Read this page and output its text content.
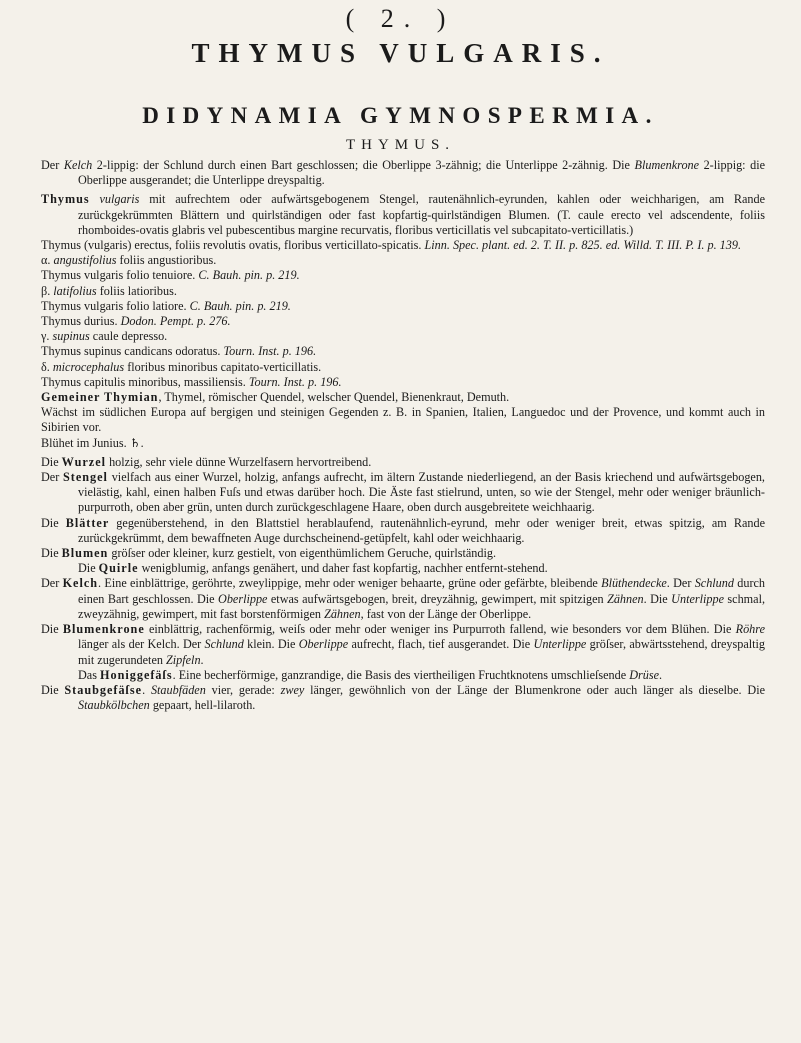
( 2. )
THYMUS VULGARIS.
DIDYNAMIA GYMNOSPERMIA.
THYMUS.

Der Kelch 2-lippig: der Schlund durch einen Bart geschlossen; die Oberlippe 3-zähnig; die Unterlippe 2-zähnig. Die Blumenkrone 2-lippig: die Oberlippe ausgerandet; die Unterlippe dreyspaltig.

Thymus vulgaris mit aufrechtem oder aufwärtsgebogenem Stengel, rautenähnlich-eyrunden, kahlen oder weichharigen, am Rande zurückgekrümmten Blättern und quirlständigen oder fast kopfartig-quirlständigen Blumen. (T. caule erecto vel adscendente, foliis rhomboides-ovatis glabris vel pubescentibus margine recurvatis, floribus verticillatis vel subcapitato-verticillatis.)

Thymus (vulgaris) erectus, foliis revolutis ovatis, floribus verticillato-spicatis. Linn. Spec. plant. ed. 2. T. II. p. 825. ed. Willd. T. III. P. I. p. 139.

α. angustifolius foliis angustioribus.

Thymus vulgaris folio tenuiore. C. Bauh. pin. p. 219.

β. latifolius foliis latioribus.

Thymus vulgaris folio latiore. C. Bauh. pin. p. 219.

Thymus durius. Dodon. Pempt. p. 276.

γ. supinus caule depresso.

Thymus supinus candicans odoratus. Tourn. Inst. p. 196.

δ. microcephalus floribus minoribus capitato-verticillatis.

Thymus capitulis minoribus, massiliensis. Tourn. Inst. p. 196.

Gemeiner Thymian, Thymel, römischer Quendel, welscher Quendel, Bienenkraut, Demuth.

Wächst im südlichen Europa auf bergigen und steinigen Gegenden z. B. in Spanien, Italien, Languedoc und der Provence, und kommt auch in Sibirien vor.

Blühet im Junius. ♄.

Die Wurzel holzig, sehr viele dünne Wurzelfasern hervortreibend.

Der Stengel vielfach aus einer Wurzel, holzig, anfangs aufrecht, im ältern Zustande niederliegend, an der Basis kriechend und aufwärtsgebogen, vielästig, kahl, einen halben Fuſs und etwas darüber hoch. Die Äste fast stielrund, unten, so wie der Stengel, mehr oder weniger bräunlich-purpurroth, oben aber grün, unten durch zurückgeschlagene Haare, oben durch ausgebreitete weichhaarig.

Die Blätter gegenüberstehend, in den Blattstiel herablaufend, rautenähnlich-eyrund, mehr oder weniger breit, etwas spitzig, am Rande zurückgekrümmt, dem bewaffneten Auge durchscheinend-getüpfelt, kahl oder weichhaarig.

Die Blumen gröſser oder kleiner, kurz gestielt, von eigenthümlichem Geruche, quirlständig.

Die Quirle wenigblumig, anfangs genähert, und daher fast kopfartig, nachher entfernt-stehend.

Der Kelch. Eine einblättrige, geröhrte, zweylippige, mehr oder weniger behaarte, grüne oder gefärbte, bleibende Blüthendecke. Der Schlund durch einen Bart geschlossen. Die Oberlippe etwas aufwärtsgebogen, breit, dreyzähnig, gewimpert, mit spitzigen Zähnen. Die Unterlippe schmal, zweyzähnig, gewimpert, mit fast borstenförmigen Zähnen, fast von der Länge der Oberlippe.

Die Blumenkrone einblättrig, rachenförmig, weiſs oder mehr oder weniger ins Purpurroth fallend, wie besonders vor dem Blühen. Die Röhre länger als der Kelch. Der Schlund klein. Die Oberlippe aufrecht, flach, tief ausgerandet. Die Unterlippe gröſser, abwärtsstehend, dreyspaltig mit zugerundeten Zipfeln.

Das Honiggefäſs. Eine becherförmige, ganzrandige, die Basis des viertheiligen Fruchtknotens umschlieſsende Drüse.

Die Staubgefäſse. Staubfäden vier, gerade: zwey länger, gewöhnlich von der Länge der Blumenkrone oder auch länger als dieselbe. Die Staubkölbchen gepaart, hell-lilaroth.
